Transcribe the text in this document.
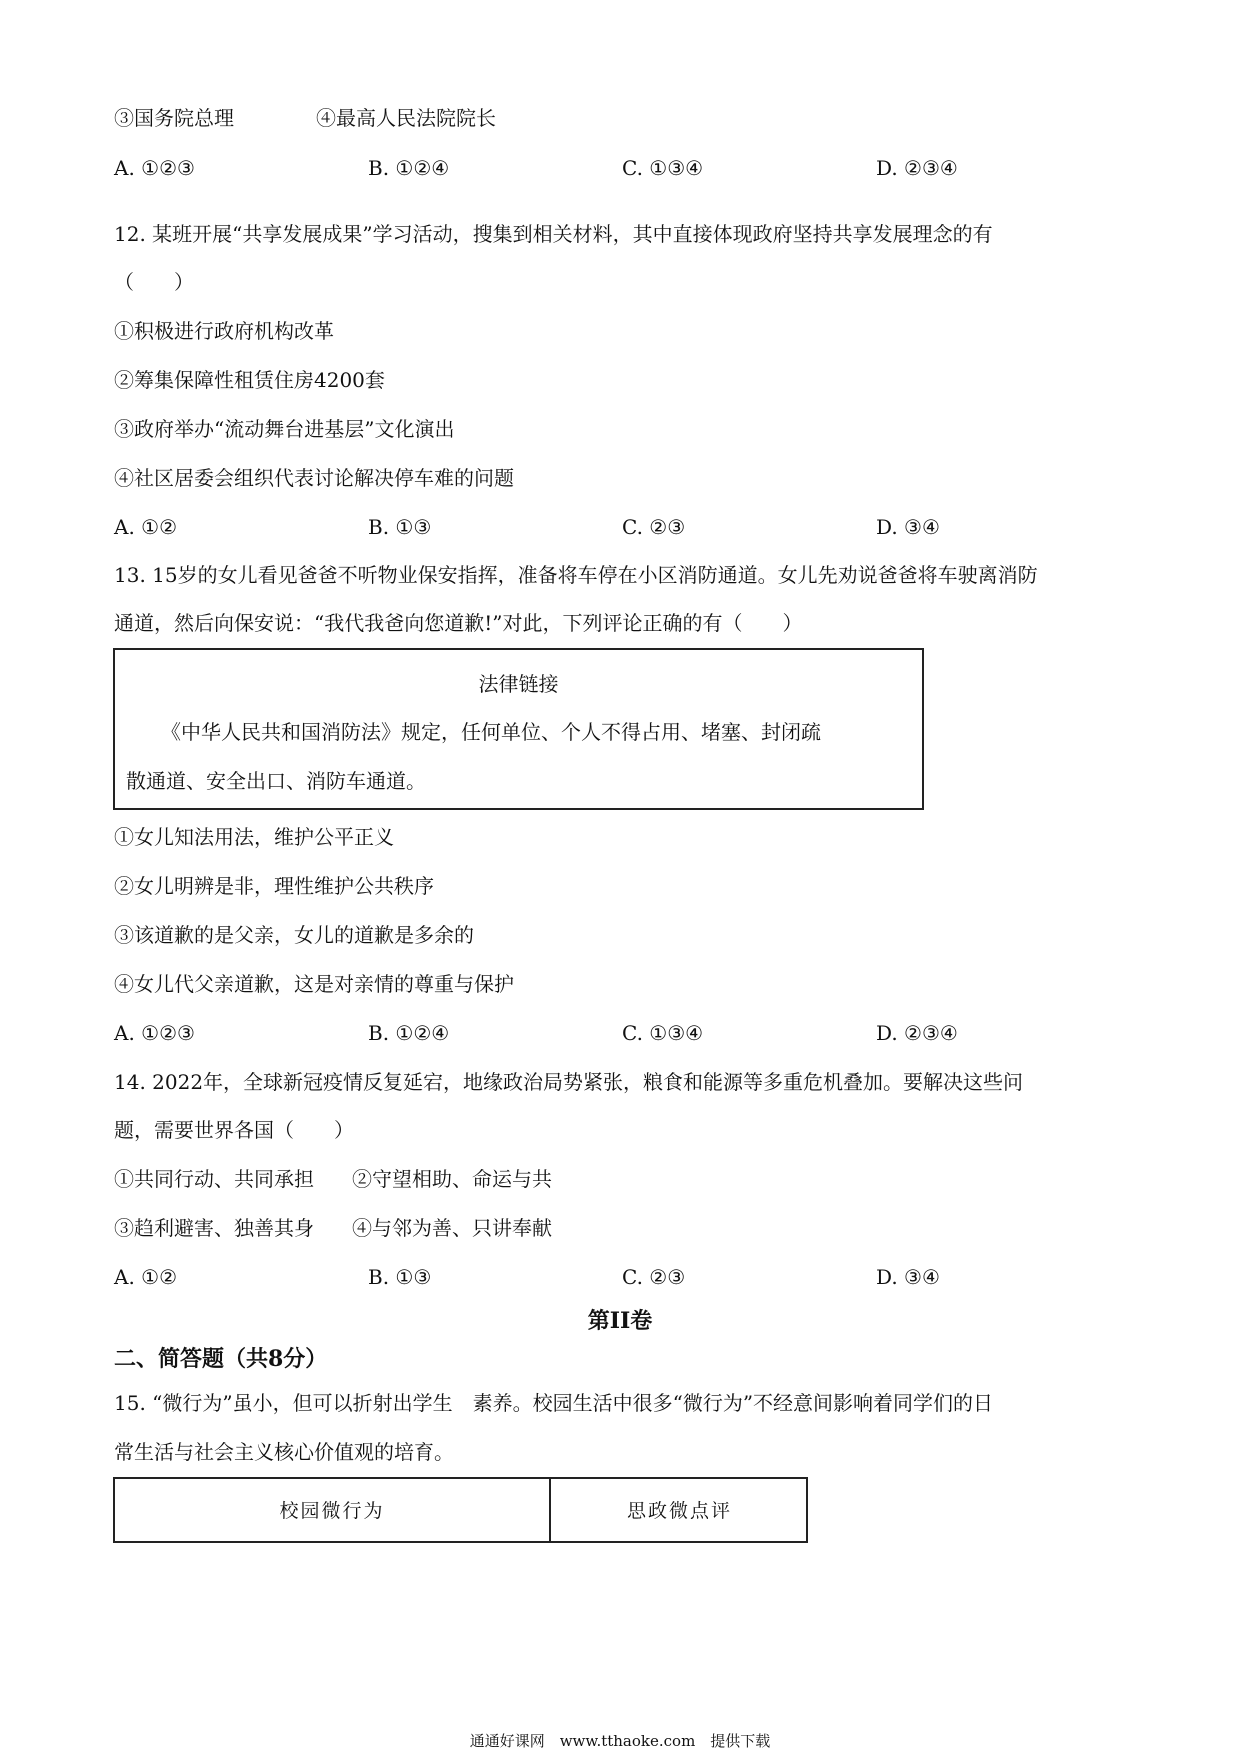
③国务院总理	④最高人民法院院长
A. ①②③	B. ①②④	C. ①③④	D. ②③④
12. 某班开展“共享发展成果”学习活动，搜集到相关材料，其中直接体现政府坚持共享发展理念的有
（　　）
①积极进行政府机构改革
②筹集保障性租赁住房4200套
③政府举办“流动舞台进基层”文化演出
④社区居委会组织代表讨论解决停车难的问题
A. ①②	B. ①③	C. ②③	D. ③④
13. 15岁的女儿看见爸爸不听物业保安指挥，准备将车停在小区消防通道。女儿先劝说爸爸将车驶离消防
通道，然后向保安说：“我代我爸向您道歉!”对此，下列评论正确的有（　　）
法律链接
《中华人民共和国消防法》规定，任何单位、个人不得占用、堵塞、封闭疏
散通道、安全出口、消防车通道。
①女儿知法用法，维护公平正义
②女儿明辨是非，理性维护公共秩序
③该道歉的是父亲，女儿的道歉是多余的
④女儿代父亲道歉，这是对亲情的尊重与保护
A. ①②③	B. ①②④	C. ①③④	D. ②③④
14. 2022年，全球新冠疫情反复延宕，地缘政治局势紧张，粮食和能源等多重危机叠加。要解决这些问
题，需要世界各国（　　）
①共同行动、共同承担 ②守望相助、命运与共
③趋利避害、独善其身 ④与邻为善、只讲奉献
A. ①②	B. ①③	C. ②③	D. ③④
第II卷
二、简答题（共8分）
15. “微行为”虽小，但可以折射出学生　素养。校园生活中很多“微行为”不经意间影响着同学们的日
常生活与社会主义核心价值观的培育。
校园微行为	思政微点评
通通好课网　www.tthaoke.com　提供下载
